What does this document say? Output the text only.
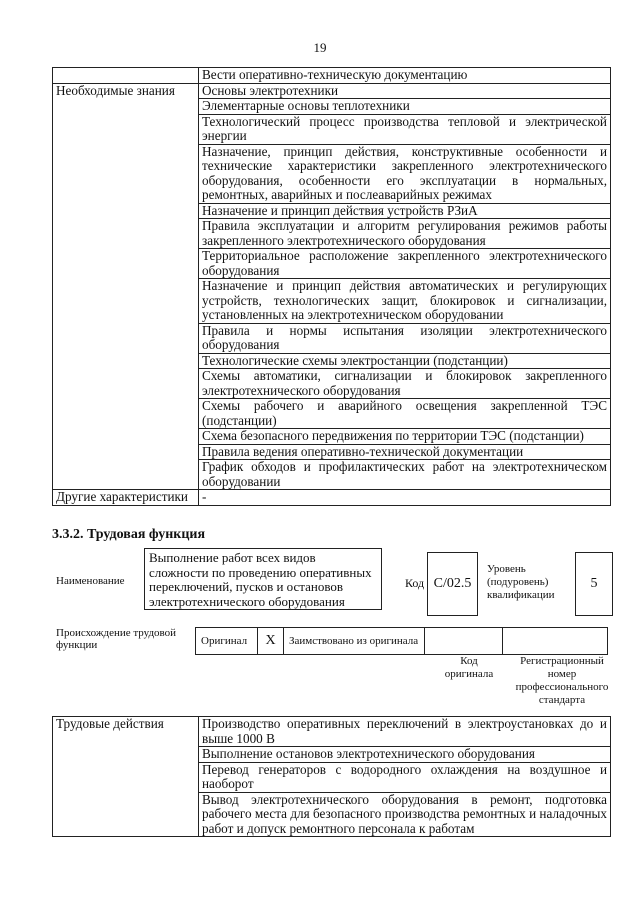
19
	Вести оперативно-техническую документацию
Необходимые знания	Основы электротехники
	Элементарные основы теплотехники
	Технологический процесс производства тепловой и электрической энергии
	Назначение, принцип действия, конструктивные особенности и технические характеристики закрепленного электротехнического оборудования, особенности его эксплуатации в нормальных, ремонтных, аварийных и послеаварийных режимах
	Назначение и принцип действия устройств РЗиА
	Правила эксплуатации и алгоритм регулирования режимов работы закрепленного электротехнического оборудования
	Территориальное расположение закрепленного электротехнического оборудования
	Назначение и принцип действия автоматических и регулирующих устройств, технологических защит, блокировок и сигнализации, установленных на электротехническом оборудовании
	Правила и нормы испытания изоляции электротехнического оборудования
	Технологические схемы электростанции (подстанции)
	Схемы автоматики, сигнализации и блокировок закрепленного электротехнического оборудования
	Схемы рабочего и аварийного освещения закрепленной ТЭС (подстанции)
	Схема безопасного передвижения по территории ТЭС (подстанции)
	Правила ведения оперативно-технической документации
	График обходов и профилактических работ на электротехническом оборудовании
Другие характеристики	-
3.3.2. Трудовая функция
Наименование
Выполнение работ всех видов сложности по проведению оперативных переключений, пусков и остановов электротехнического оборудования
Код C/02.5
Уровень (подуровень) квалификации
5
Происхождение трудовой функции	Оригинал	X	Заимствовано из оригинала
Код оригинала
Регистрационный номер профессионального стандарта
Трудовые действия	Производство оперативных переключений в электроустановках до и выше 1000 В
Выполнение остановов электротехнического оборудования
Перевод генераторов с водородного охлаждения на воздушное и наоборот
Вывод электротехнического оборудования в ремонт, подготовка рабочего места для безопасного производства ремонтных и наладочных работ и допуск ремонтного персонала к работам
